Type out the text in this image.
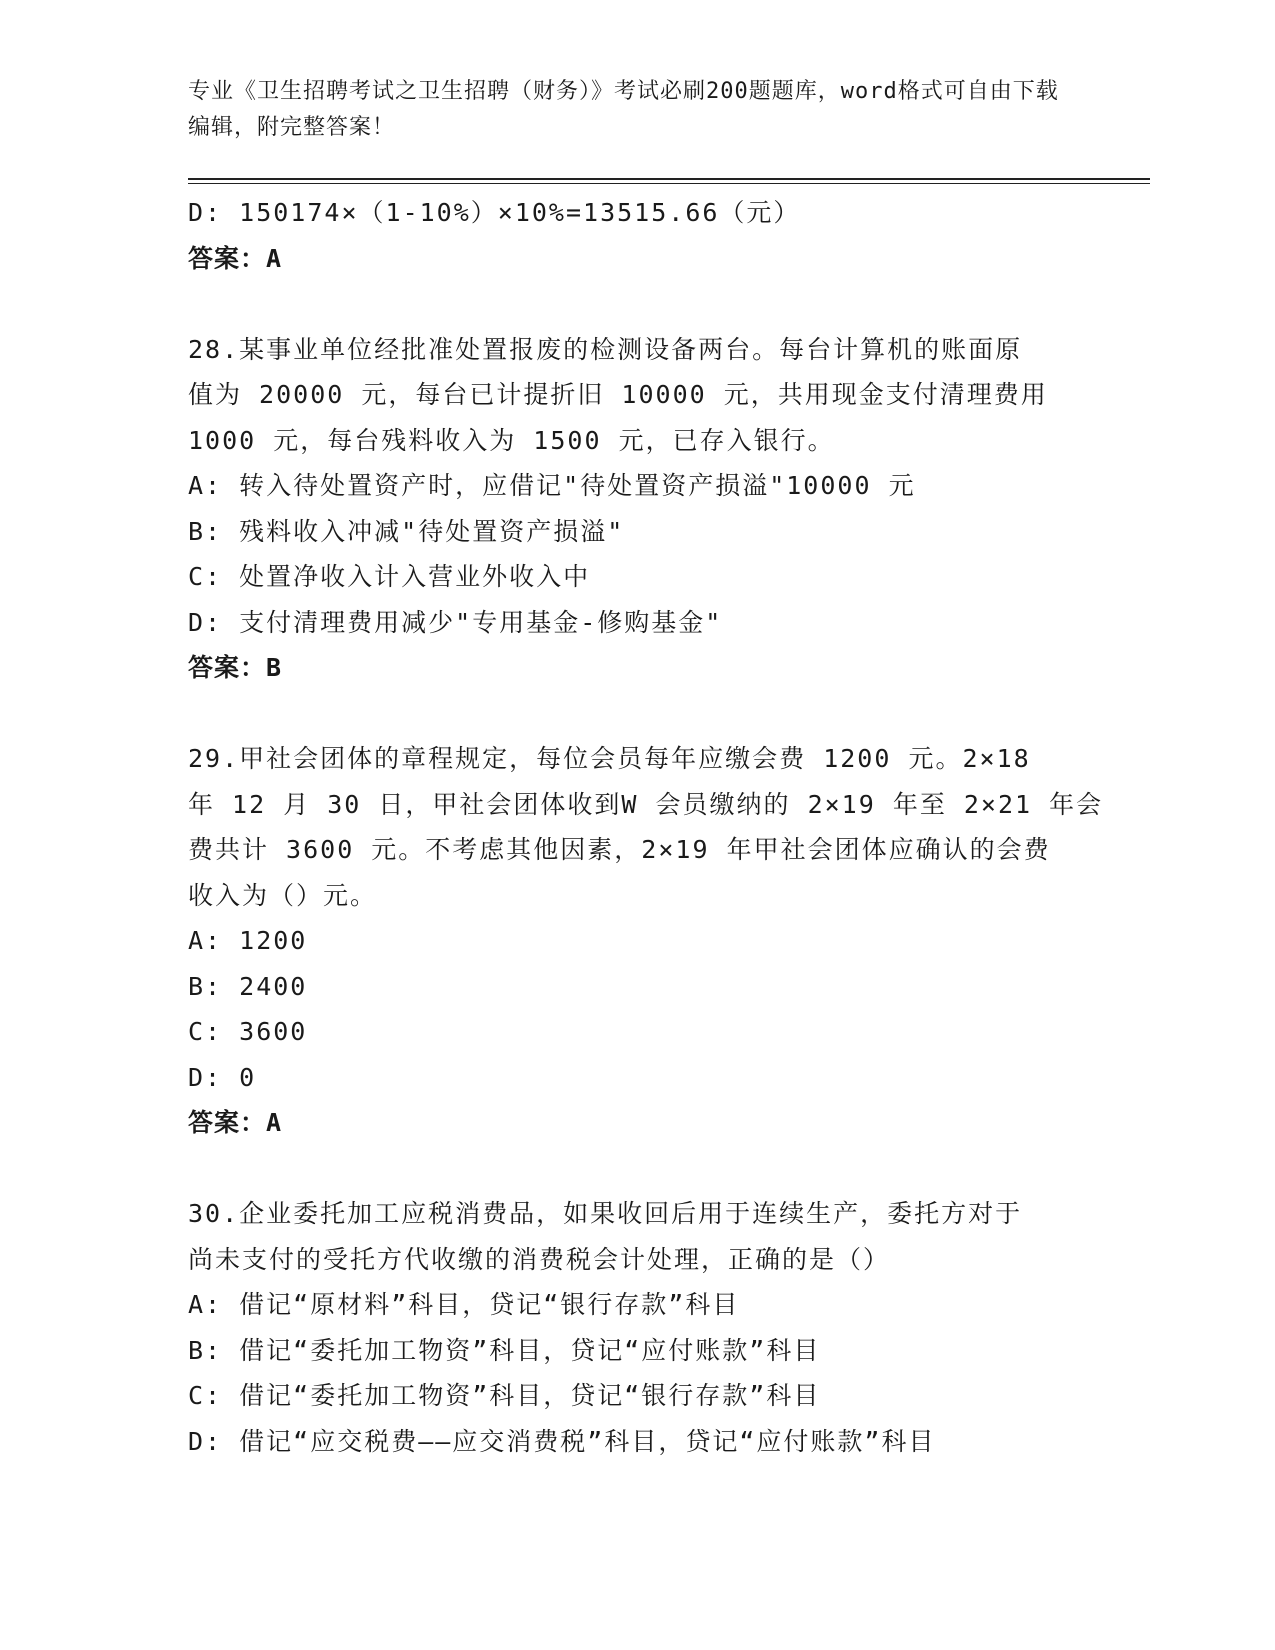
专业《卫生招聘考试之卫生招聘（财务）》考试必刷200题题库，word格式可自由下载编辑，附完整答案！
D: 150174×（1-10%）×10%=13515.66（元）
答案：A
28.某事业单位经批准处置报废的检测设备两台。每台计算机的账面原
值为 20000 元，每台已计提折旧 10000 元，共用现金支付清理费用
1000 元，每台残料收入为 1500 元，已存入银行。
A: 转入待处置资产时，应借记"待处置资产损溢"10000 元
B: 残料收入冲减"待处置资产损溢"
C: 处置净收入计入营业外收入中
D: 支付清理费用减少"专用基金-修购基金"
答案：B
29.甲社会团体的章程规定，每位会员每年应缴会费 1200 元。2×18
年 12 月 30 日，甲社会团体收到W 会员缴纳的 2×19 年至 2×21 年会
费共计 3600 元。不考虑其他因素，2×19 年甲社会团体应确认的会费
收入为（）元。
A: 1200
B: 2400
C: 3600
D: 0
答案：A
30.企业委托加工应税消费品，如果收回后用于连续生产，委托方对于
尚未支付的受托方代收缴的消费税会计处理，正确的是（）
A: 借记“原材料”科目，贷记“银行存款”科目
B: 借记“委托加工物资”科目，贷记“应付账款”科目
C: 借记“委托加工物资”科目，贷记“银行存款”科目
D: 借记“应交税费——应交消费税”科目，贷记“应付账款”科目
